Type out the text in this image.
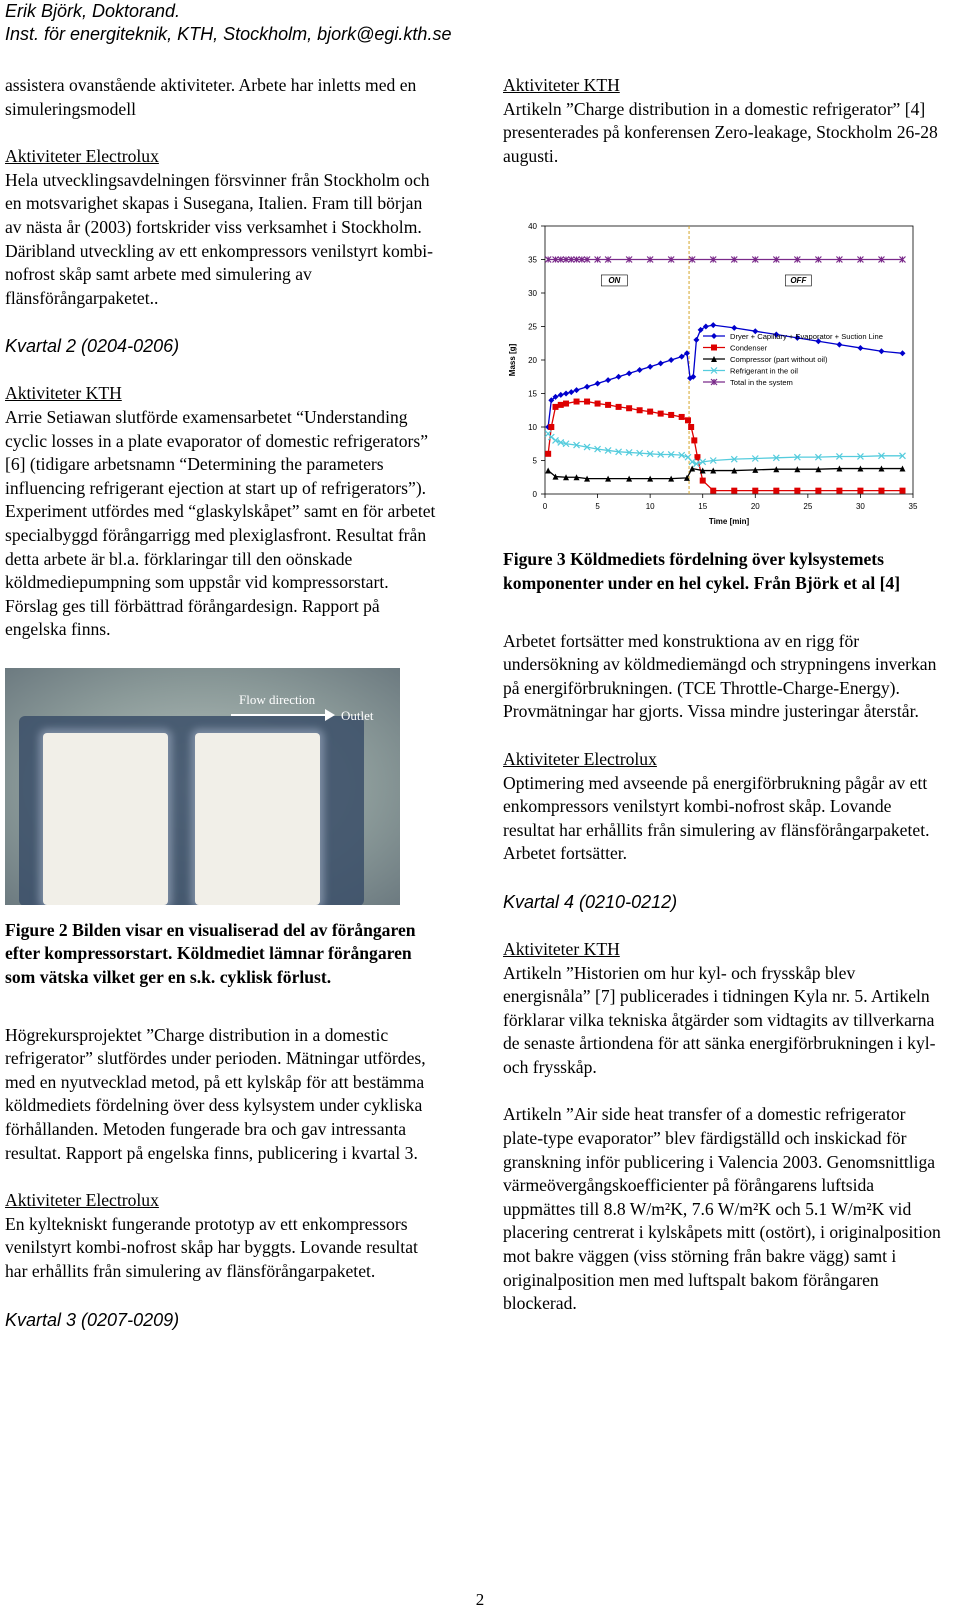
Erik Björk, Doktorand.
Inst. för energiteknik, KTH, Stockholm, bjork@egi.kth.se

assistera ovanstående aktiviteter. Arbete har inletts med en simuleringsmodell

Aktiviteter Electrolux

Hela utvecklingsavdelningen försvinner från Stockholm och en motsvarighet skapas i Susegana, Italien. Fram till början av nästa år (2003) fortskrider viss verksamhet i Stockholm. Däribland utveckling av ett enkompressors venilstyrt kombi-nofrost skåp samt arbete med simulering av flänsförångarpaketet..

Kvartal 2 (0204-0206)

Aktiviteter KTH

Arrie Setiawan slutförde examensarbetet “Understanding cyclic losses in a plate evaporator of domestic refrigerators” [6] (tidigare arbetsnamn “Determining the parameters influencing refrigerant ejection at start up of refrigerators”). Experiment utfördes med “glaskylskåpet” samt en för arbetet specialbyggd förångarrigg med plexiglasfront. Resultat från detta arbete är bl.a. förklaringar till den oönskade köldmediepumpning som uppstår vid kompressorstart. Förslag ges till förbättrad förångardesign. Rapport på engelska finns.

Flow direction
Outlet

Figure 2 Bilden visar en visualiserad del av förångaren efter kompressorstart. Köldmediet lämnar förångaren som vätska vilket ger en s.k. cyklisk förlust.

Högrekursprojektet ”Charge distribution in a domestic refrigerator” slutfördes under perioden. Mätningar utfördes, med en nyutvecklad metod, på ett kylskåp för att bestämma köldmediets fördelning över dess kylsystem under cykliska förhållanden. Metoden fungerade bra och gav intressanta resultat. Rapport på engelska finns, publicering i kvartal 3.

Aktiviteter Electrolux

En kyltekniskt fungerande prototyp av ett enkompressors venilstyrt kombi-nofrost skåp har byggts. Lovande resultat har erhållits från simulering av flänsförångarpaketet.

Kvartal 3 (0207-0209)

Aktiviteter KTH

Artikeln ”Charge distribution in a domestic refrigerator” [4] presenterades på konferensen Zero-leakage, Stockholm 26-28 augusti.

0
5
10
15
20
25
30
35
40
0	5	10	15	20	25	30	35
Time [min]
Mass [g]
ON	OFF
Dryer + Capillary + Evaporator + Suction Line
Condenser
Compressor (part without oil)
Refrigerant in the oil
Total in the system

Figure 3 Köldmediets fördelning över kylsystemets komponenter under en hel cykel. Från Björk et al [4]

Arbetet fortsätter med konstruktiona av en rigg för undersökning av köldmediemängd och strypningens inverkan på energiförbrukningen. (TCE Throttle-Charge-Energy). Provmätningar har gjorts. Vissa mindre justeringar återstår.

Aktiviteter Electrolux

Optimering med avseende på energiförbrukning pågår av ett enkompressors venilstyrt kombi-nofrost skåp. Lovande resultat har erhållits från simulering av flänsförångarpaketet. Arbetet fortsätter.

Kvartal 4 (0210-0212)

Aktiviteter KTH

Artikeln ”Historien om hur kyl- och frysskåp blev energisnåla” [7] publicerades i tidningen Kyla nr. 5. Artikeln förklarar vilka tekniska åtgärder som vidtagits av tillverkarna de senaste årtiondena för att sänka energiförbrukningen i kyl- och frysskåp.

Artikeln ”Air side heat transfer of a domestic refrigerator plate-type evaporator” blev färdigställd och inskickad för granskning inför publicering i Valencia 2003. Genomsnittliga värmeövergångskoefficienter på förångarens luftsida uppmättes till 8.8 W/m²K, 7.6 W/m²K och 5.1 W/m²K vid placering centrerat i kylskåpets mitt (ostört), i originalposition mot bakre väggen (viss störning från bakre vägg) samt i originalposition men med luftspalt bakom förångaren blockerad.

2
